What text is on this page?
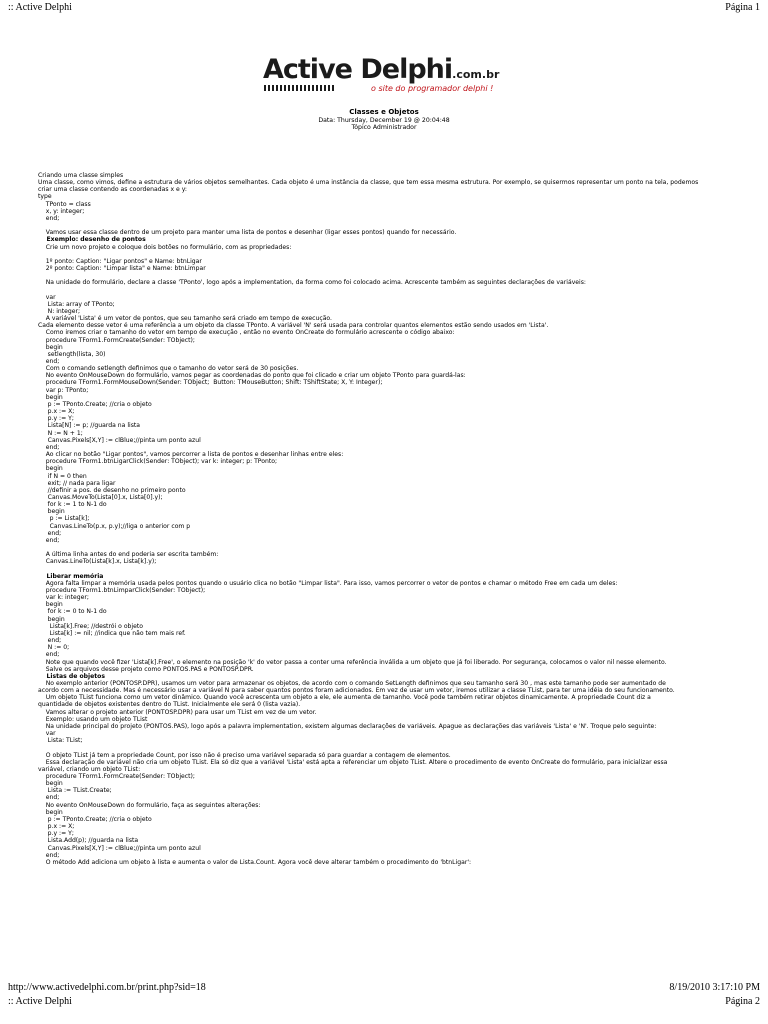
:: Active Delphi	Página 1
Active Delphi.com.br
o site do programador delphi !
Classes e Objetos
Data: Thursday, December 19 @ 20:04:48
Tópico Administrador
Criando uma classe simples
Uma classe, como vimos, define a estrutura de vários objetos semelhantes. Cada objeto é uma instância da classe, que tem essa mesma estrutura. Por exemplo, se quisermos representar um ponto na tela, podemos
criar uma classe contendo as coordenadas x e y:
type
TPonto = class
x, y: integer;
end;
Vamos usar essa classe dentro de um projeto para manter uma lista de pontos e desenhar (ligar esses pontos) quando for necessário.
Exemplo: desenho de pontos
Crie um novo projeto e coloque dois botões no formulário, com as propriedades:
1º ponto: Caption: "Ligar pontos" e Name: btnLigar
2º ponto: Caption: "Limpar lista" e Name: btnLimpar
Na unidade do formulário, declare a classe 'TPonto', logo após a implementation, da forma como foi colocado acima. Acrescente também as seguintes declarações de variáveis:
var
Lista: array of TPonto;
N: integer;
A variável 'Lista' é um vetor de pontos, que seu tamanho será criado em tempo de execução.
Cada elemento desse vetor é uma referência a um objeto da classe TPonto. A variável 'N' será usada para controlar quantos elementos estão sendo usados em 'Lista'.
Como iremos criar o tamanho do vetor em tempo de execução , então no evento OnCreate do formulário acrescente o código abaixo:
procedure TForm1.FormCreate(Sender: TObject);
begin
setlength(lista, 30)
end;
Com o comando setlength definimos que o tamanho do vetor será de 30 posições.
No evento OnMouseDown do formulário, vamos pegar as coordenadas do ponto que foi clicado e criar um objeto TPonto para guardá-las:
procedure TForm1.FormMouseDown(Sender: TObject;  Button: TMouseButton; Shift: TShiftState; X, Y: Integer);
var p: TPonto;
begin
p := TPonto.Create; //cria o objeto
p.x := X;
p.y := Y;
Lista[N] := p; //guarda na lista
N := N + 1;
Canvas.Pixels[X,Y] := clBlue;//pinta um ponto azul
end;
Ao clicar no botão "Ligar pontos", vamos percorrer a lista de pontos e desenhar linhas entre eles:
procedure TForm1.btnLigarClick(Sender: TObject); var k: integer; p: TPonto;
begin
if N = 0 then
exit; // nada para ligar
//definir a pos. de desenho no primeiro ponto
Canvas.MoveTo(Lista[0].x, Lista[0].y);
for k := 1 to N-1 do
begin
p := Lista[k];
Canvas.LineTo(p.x, p.y);//liga o anterior com p
end;
end;
A última linha antes do end poderia ser escrita também:
Canvas.LineTo(Lista[k].x, Lista[k].y);
Liberar memória
Agora falta limpar a memória usada pelos pontos quando o usuário clica no botão "Limpar lista". Para isso, vamos percorrer o vetor de pontos e chamar o método Free em cada um deles:
procedure TForm1.btnLimparClick(Sender: TObject);
var k: integer;
begin
for k := 0 to N-1 do
begin
Lista[k].Free; //destrói o objeto
Lista[k] := nil; //indica que não tem mais ref.
end;
N := 0;
end;
Note que quando você fizer 'Lista[k].Free', o elemento na posição 'k' do vetor passa a conter uma referência inválida a um objeto que já foi liberado. Por segurança, colocamos o valor nil nesse elemento.
Salve os arquivos desse projeto como PONTOS.PAS e PONTOSP.DPR.
Listas de objetos
No exemplo anterior (PONTOSP.DPR), usamos um vetor para armazenar os objetos, de acordo com o comando SetLength definimos que seu tamanho será 30 , mas este tamanho pode ser aumentado de
acordo com a necessidade. Mas é necessário usar a variável N para saber quantos pontos foram adicionados. Em vez de usar um vetor, iremos utilizar a classe TList, para ter uma idéia do seu funcionamento.
Um objeto TList funciona como um vetor dinâmico. Quando você acrescenta um objeto a ele, ele aumenta de tamanho. Você pode também retirar objetos dinamicamente. A propriedade Count diz a
quantidade de objetos existentes dentro do TList. Inicialmente ele será 0 (lista vazia).
Vamos alterar o projeto anterior (PONTOSP.DPR) para usar um TList em vez de um vetor.
Exemplo: usando um objeto TList
Na unidade principal do projeto (PONTOS.PAS), logo após a palavra implementation, existem algumas declarações de variáveis. Apague as declarações das variáveis 'Lista' e 'N'. Troque pelo seguinte:
var
Lista: TList;
O objeto TList já tem a propriedade Count, por isso não é preciso uma variável separada só para guardar a contagem de elementos.
Essa declaração de variável não cria um objeto TList. Ela só diz que a variável 'Lista' está apta a referenciar um objeto TList. Altere o procedimento de evento OnCreate do formulário, para inicializar essa
variável, criando um objeto TList:
procedure TForm1.FormCreate(Sender: TObject);
begin
Lista := TList.Create;
end;
No evento OnMouseDown do formulário, faça as seguintes alterações:
begin
p := TPonto.Create; //cria o objeto
p.x := X;
p.y := Y;
Lista.Add(p); //guarda na lista
Canvas.Pixels[X,Y] := clBlue;//pinta um ponto azul
end;
O método Add adiciona um objeto à lista e aumenta o valor de Lista.Count. Agora você deve alterar também o procedimento do 'btnLigar':
http://www.activedelphi.com.br/print.php?sid=18	8/19/2010 3:17:10 PM
:: Active Delphi	Página 2
